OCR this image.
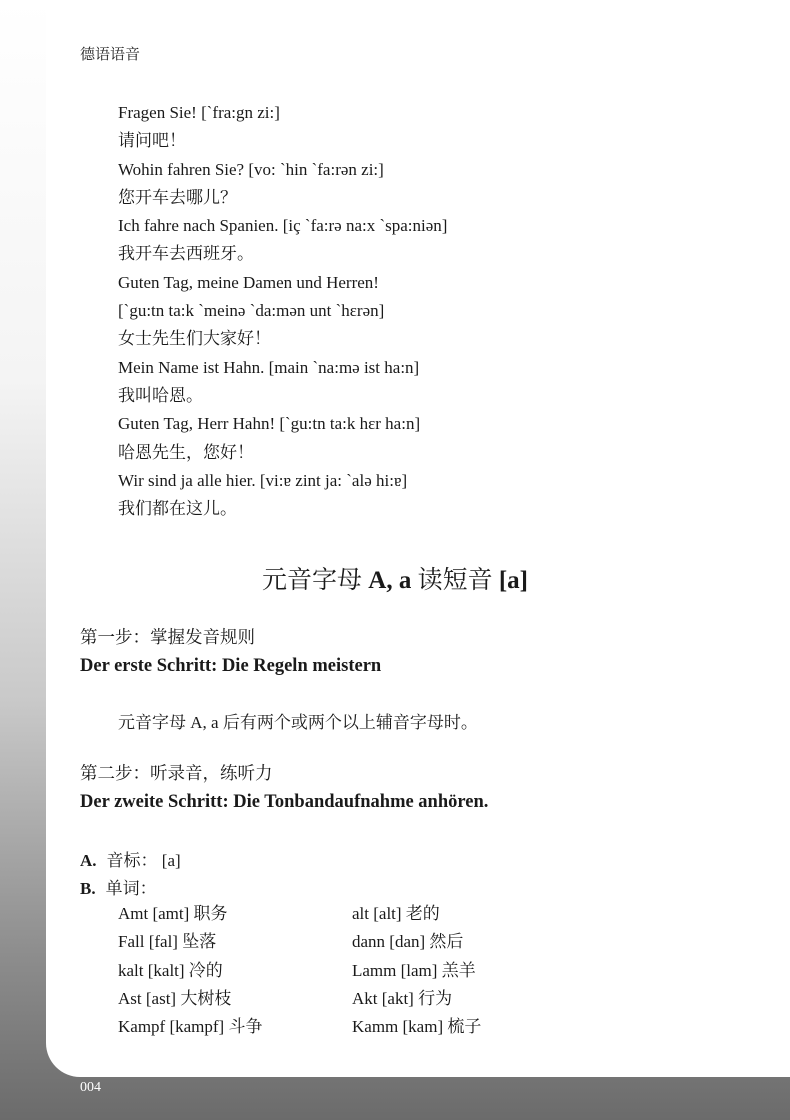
德语语音
Fragen Sie! [`fra:gn zi:]
请问吧！
Wohin fahren Sie? [vo: `hin `fa:rən zi:]
您开车去哪儿？
Ich fahre nach Spanien. [iç `fa:rə na:x `spa:niən]
我开车去西班牙。
Guten Tag, meine Damen und Herren!
[`gu:tn ta:k `meinə `da:mən unt `hɛrən]
女士先生们大家好！
Mein Name ist Hahn. [main `na:mə ist ha:n]
我叫哈恩。
Guten Tag, Herr Hahn! [`gu:tn ta:k hɛr ha:n]
哈恩先生，您好！
Wir sind ja alle hier. [vi:ɐ zint ja: `alə hi:ɐ]
我们都在这儿。
元音字母 A, a 读短音 [a]
第一步：掌握发音规则
Der erste Schritt: Die Regeln meistern
元音字母 A, a 后有两个或两个以上辅音字母时。
第二步：听录音，练听力
Der zweite Schritt: Die Tonbandaufnahme anhören.
A. 音标： [a]
B. 单词：
Amt [amt] 职务	alt [alt] 老的
Fall [fal] 坠落	dann [dan] 然后
kalt [kalt] 冷的	Lamm [lam] 羔羊
Ast [ast] 大树枝	Akt [akt] 行为
Kampf [kampf] 斗争	Kamm [kam] 梳子
004
